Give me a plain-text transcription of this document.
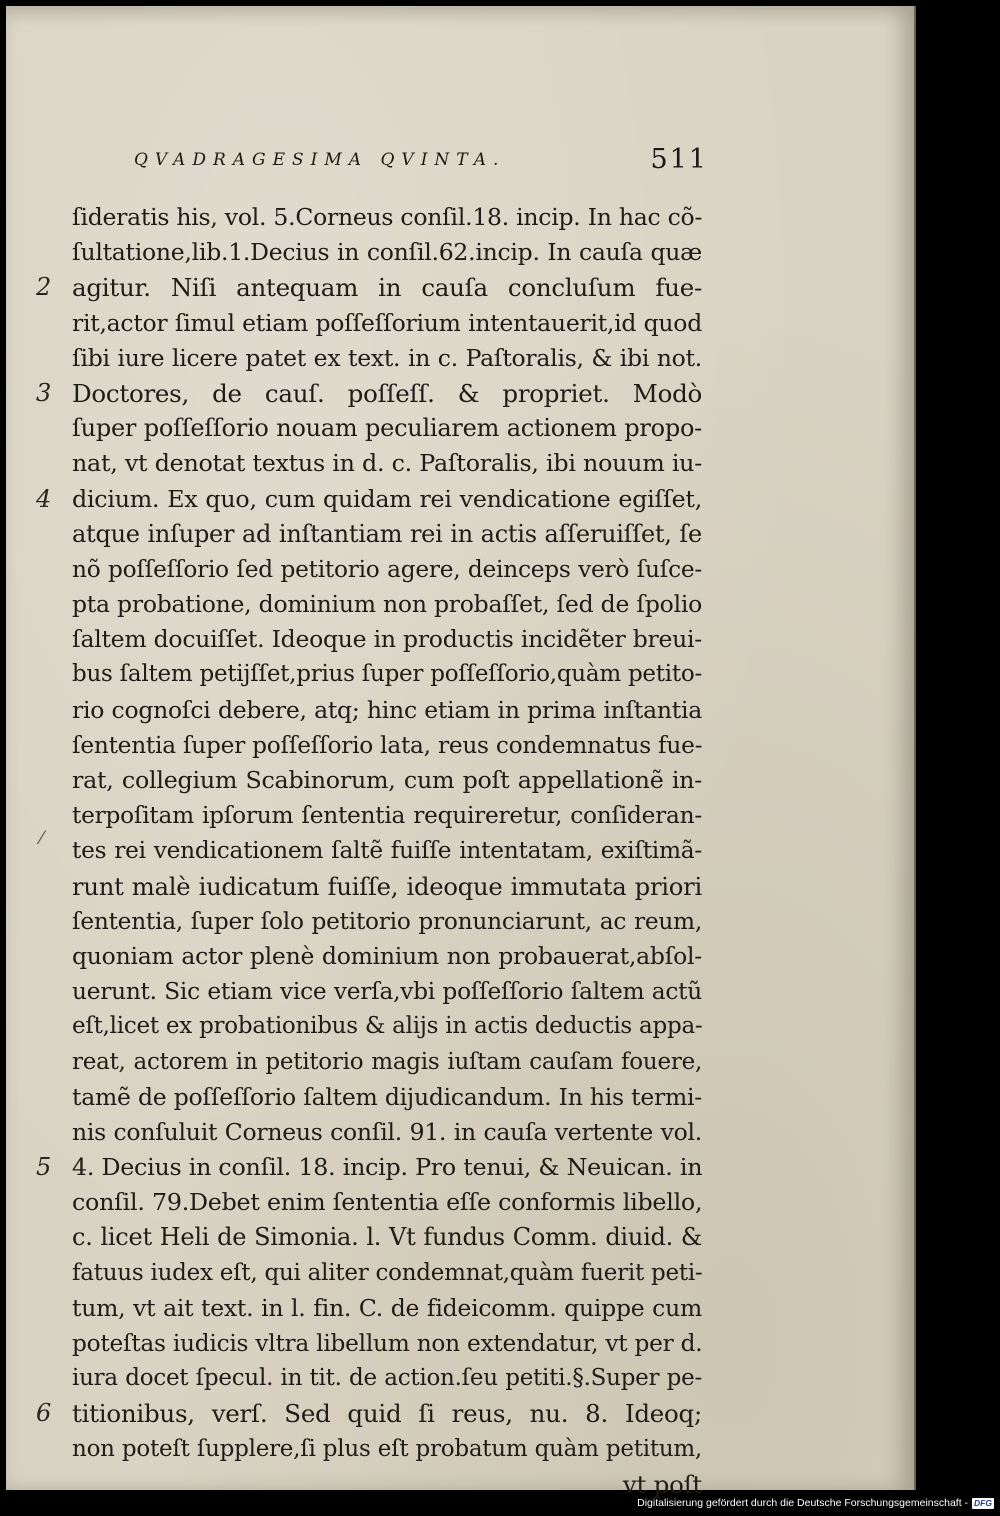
QVADRAGESIMA QVINTA.	511
⁄
ſideratis his, vol. 5.Corneus conſil.18. incip. In hac cõ-
ſultatione,lib.1.Decius in conſil.62.incip. In cauſa quæ
2 agitur. Niſi antequam in cauſa concluſum fue-
rit,actor ſimul etiam poſſeſſorium intentauerit,id quod
ſibi iure licere patet ex text. in c. Paſtoralis, & ibi not.
3 Doctores, de cauſ. poſſeſſ. & propriet. Modò
ſuper poſſeſſorio nouam peculiarem actionem propo-
nat, vt denotat textus in d. c. Paſtoralis, ibi nouum iu-
4 dicium. Ex quo, cum quidam rei vendicatione egiſſet,
atque inſuper ad inſtantiam rei in actis aſſeruiſſet, ſe
nõ poſſeſſorio ſed petitorio agere, deinceps verò ſuſce-
pta probatione, dominium non probaſſet, ſed de ſpolio
ſaltem docuiſſet. Ideoque in productis incidẽter breui-
bus ſaltem petijſſet,prius ſuper poſſeſſorio,quàm petito-
rio cognoſci debere, atq; hinc etiam in prima inſtantia
ſententia ſuper poſſeſſorio lata, reus condemnatus fue-
rat, collegium Scabinorum, cum poſt appellationẽ in-
terpoſitam ipſorum ſententia requireretur, conſideran-
tes rei vendicationem ſaltẽ fuiſſe intentatam, exiſtimã-
runt malè iudicatum fuiſſe, ideoque immutata priori
ſententia, ſuper ſolo petitorio pronunciarunt, ac reum,
quoniam actor plenè dominium non probauerat,abſol-
uerunt. Sic etiam vice verſa,vbi poſſeſſorio ſaltem actũ
eſt,licet ex probationibus & alijs in actis deductis appa-
reat, actorem in petitorio magis iuſtam cauſam fouere,
tamẽ de poſſeſſorio ſaltem dijudicandum. In his termi-
nis conſuluit Corneus conſil. 91. in cauſa vertente vol.
5 4. Decius in conſil. 18. incip. Pro tenui, & Neuican. in
conſil. 79.Debet enim ſententia eſſe conformis libello,
c. licet Heli de Simonia. l. Vt fundus Comm. diuid. &
fatuus iudex eſt, qui aliter condemnat,quàm fuerit peti-
tum, vt ait text. in l. fin. C. de fideicomm. quippe cum
poteſtas iudicis vltra libellum non extendatur, vt per d.
iura docet ſpecul. in tit. de action.ſeu petiti.§.Super pe-
6 titionibus, verſ. Sed quid ſi reus, nu. 8. Ideoq;
non poteſt ſupplere,ſi plus eſt probatum quàm petitum,
vt poſt
Digitalisierung gefördert durch die Deutsche Forschungsgemeinschaft - DFG
